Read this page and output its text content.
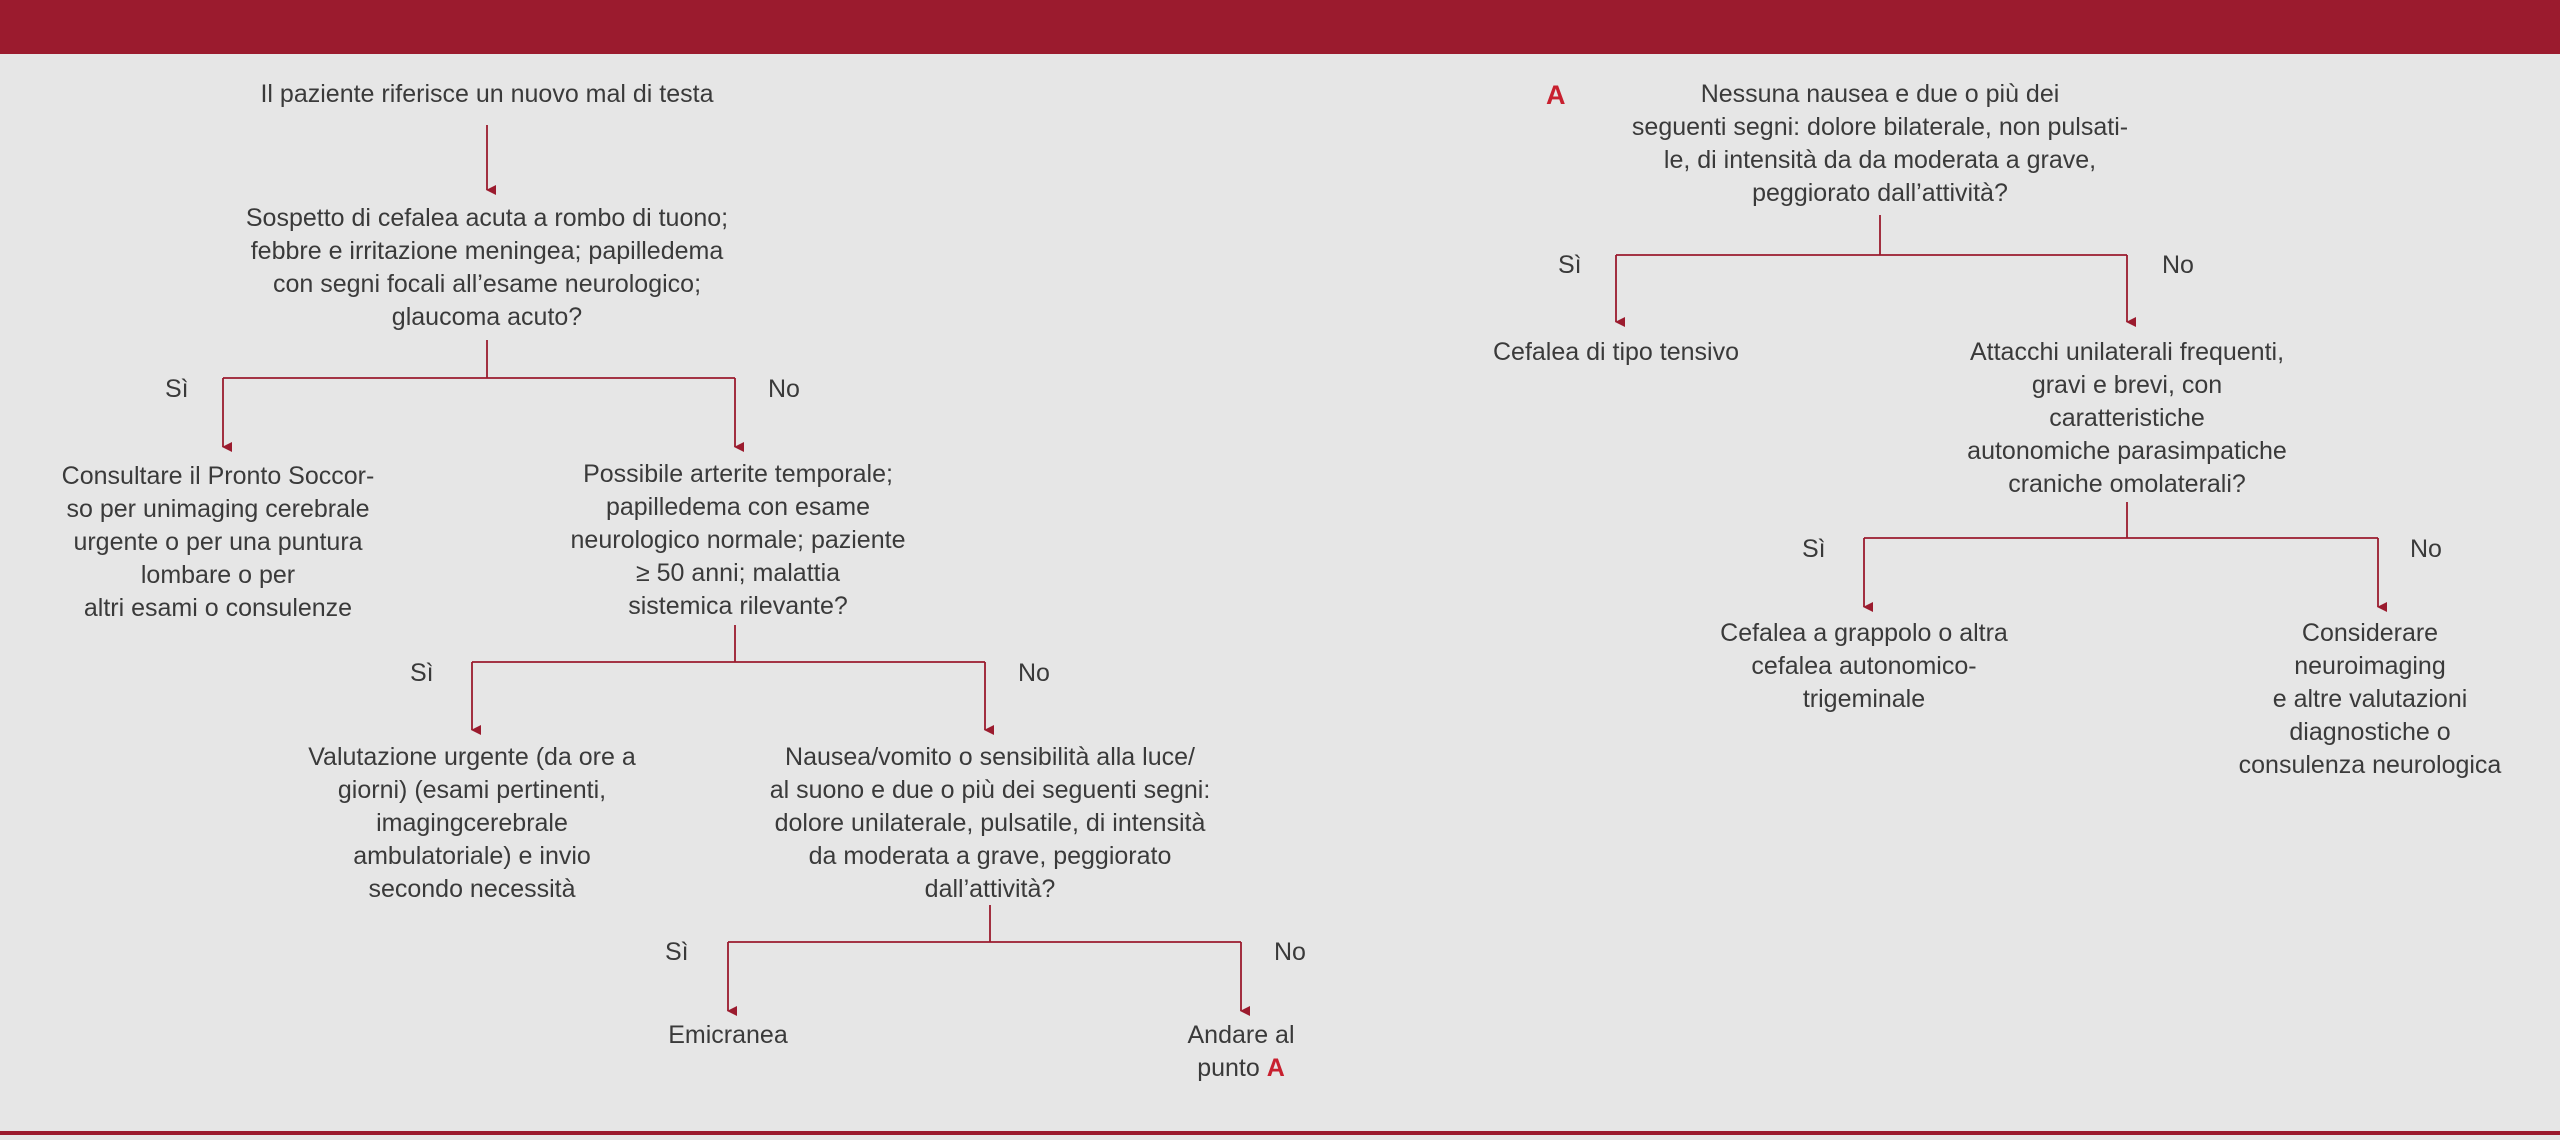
Il paziente riferisce un nuovo mal di testa
Sospetto di cefalea acuta a rombo di tuono;
febbre e irritazione meningea; papilledema
con segni focali all’esame neurologico;
glaucoma acuto?
Sì	No
Consultare il Pronto Soccor-
so per unimaging cerebrale
urgente o per una puntura
lombare o per
altri esami o consulenze
Possibile arterite temporale;
papilledema con esame
neurologico normale; paziente
≥ 50 anni; malattia
sistemica rilevante?
Sì	No
Valutazione urgente (da ore a
giorni) (esami pertinenti,
imagingcerebrale
ambulatoriale) e invio
secondo necessità
Nausea/vomito o sensibilità alla luce/
al suono e due o più dei seguenti segni:
dolore unilaterale, pulsatile, di intensità
da moderata a grave, peggiorato
dall’attività?
Sì	No
Emicranea	Andare al
punto A
A	Nessuna nausea e due o più dei
seguenti segni: dolore bilaterale, non pulsati-
le, di intensità da da moderata a grave,
peggiorato dall’attività?
Sì	No
Cefalea di tipo tensivo	Attacchi unilaterali frequenti,
gravi e brevi, con
caratteristiche
autonomiche parasimpatiche
craniche omolaterali?
Sì	No
Cefalea a grappolo o altra
cefalea autonomico-
trigeminale
Considerare
neuroimaging
e altre valutazioni
diagnostiche o
consulenza neurologica
